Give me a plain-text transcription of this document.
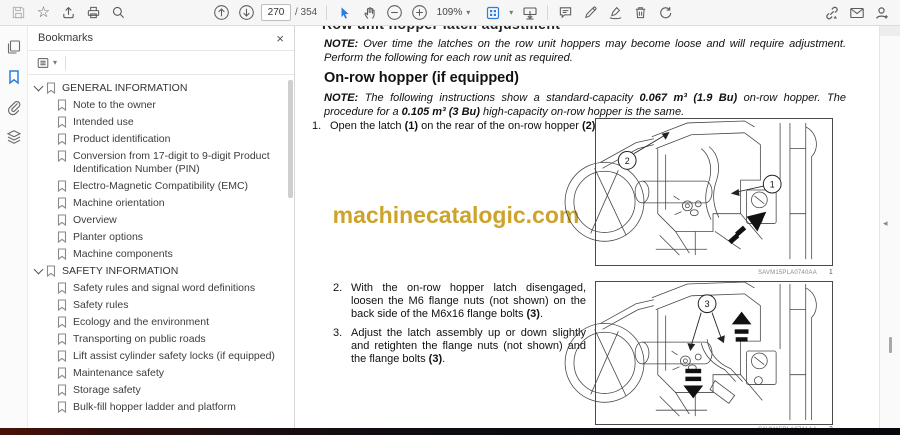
☆
270	/ 354	109% ▾	▾
Bookmarks	×
▾
GENERAL INFORMATION
Note to the owner
Intended use
Product identification
Conversion from 17-digit to 9-digit Product Identification Number (PIN)
Electro-Magnetic Compatibility (EMC)
Machine orientation
Overview
Planter options
Machine components
SAFETY INFORMATION
Safety rules and signal word definitions
Safety rules
Ecology and the environment
Transporting on public roads
Lift assist cylinder safety locks (if equipped)
Maintenance safety
Storage safety
Bulk-fill hopper ladder and platform
NOTE: Over time the latches on the row unit hoppers may become loose and will require adjustment. Perform the following for each row unit as required.
On-row hopper (if equipped)
NOTE: The following instructions show a standard-capacity 0.067 m³ (1.9 Bu) on-row hopper. The procedure for a 0.105 m³ (3 Bu) high-capacity on-row hopper is the same.
1. Open the latch (1) on the rear of the on-row hopper (2)
machinecatalogic.com
2. With the on-row hopper latch disengaged, loosen the M6 flange nuts (not shown) on the back side of the M6x16 flange bolts (3).
3. Adjust the latch assembly up or down slightly and retighten the flange nuts (not shown) and the flange bolts (3).
2
1
SAVM15PLA0740AA 1
3
◂
